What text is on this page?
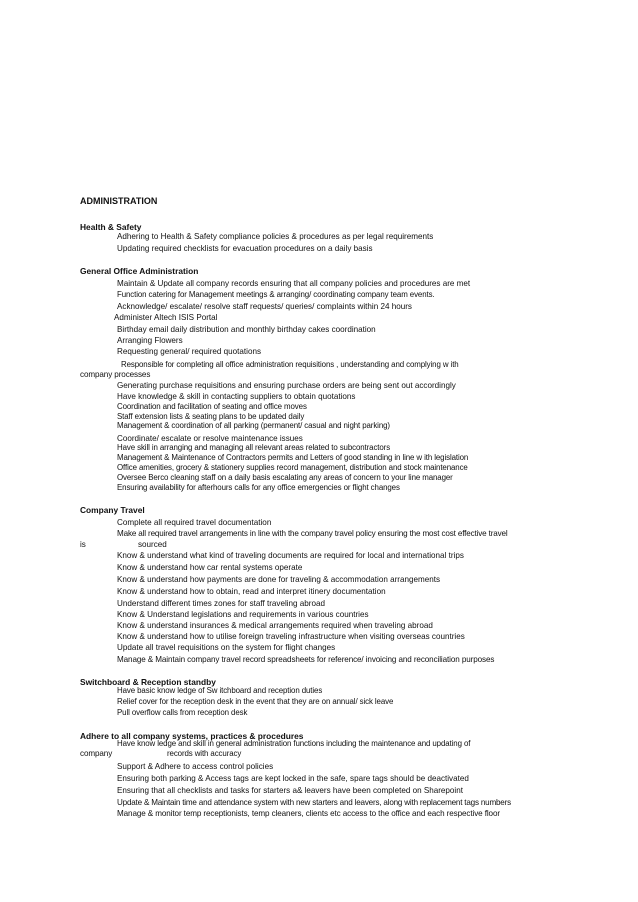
ADMINISTRATION
Health & Safety
Adhering to Health & Safety compliance policies & procedures as per legal requirements
Updating required checklists for evacuation procedures on a daily basis
General Office Administration
Maintain & Update all company records ensuring that all company policies and procedures are met
Function catering for Management meetings & arranging/ coordinating company team events.
Acknowledge/ escalate/ resolve staff requests/ queries/ complaints within 24 hours
Administer Altech ISIS Portal
Birthday email daily distribution and monthly birthday cakes coordination
Arranging Flowers
Requesting general/ required quotations
Responsible for completing all office administration requisitions , understanding and complying w ith
company processes
Generating purchase requisitions and ensuring purchase orders are being sent out accordingly
Have knowledge & skill in contacting suppliers to obtain quotations
Coordination and facilitation of seating and office moves
Staff extension lists & seating plans to be updated daily
Management & coordination of all parking (permanent/ casual and night parking)
Coordinate/ escalate or resolve maintenance issues
Have skill in arranging and managing all relevant areas related to subcontractors
Management & Maintenance of Contractors permits and Letters of good standing in line w ith legislation
Office amenities, grocery & stationery supplies record management, distribution and stock maintenance
Oversee Berco cleaning staff on a daily basis escalating any areas of concern to your line manager
Ensuring availability for afterhours calls for any office emergencies or flight changes
Company Travel
Complete all required travel documentation
Make all required travel arrangements in line with the company travel policy ensuring the most cost effective travel
is	sourced
Know & understand what kind of traveling documents are required for local and international trips
Know & understand how car rental systems operate
Know & understand how payments are done for traveling & accommodation arrangements
Know & understand how to obtain, read and interpret itinery documentation
Understand different times zones for staff traveling abroad
Know & Understand legislations and requirements in various countries
Know & understand insurances & medical arrangements required when traveling abroad
Know & understand how to utilise foreign traveling infrastructure when visiting overseas countries
Update all travel requisitions on the system for flight changes
Manage & Maintain company travel record spreadsheets for reference/ invoicing and reconciliation purposes
Switchboard & Reception standby
Have basic know ledge of Sw itchboard and reception duties
Relief cover for the reception desk in the event that they are on annual/ sick leave
Pull overflow calls from reception desk
Adhere to all company systems, practices & procedures
Have know ledge and skill in general administration functions including the maintenance and updating of
company	records with accuracy
Support & Adhere to access control policies
Ensuring both parking & Access tags are kept locked in the safe, spare tags should be deactivated
Ensuring that all checklists and tasks for starters a& leavers have been completed on Sharepoint
Update & Maintain time and attendance system with new starters and leavers, along with replacement tags numbers
Manage & monitor temp receptionists, temp cleaners, clients etc access to the office and each respective floor
